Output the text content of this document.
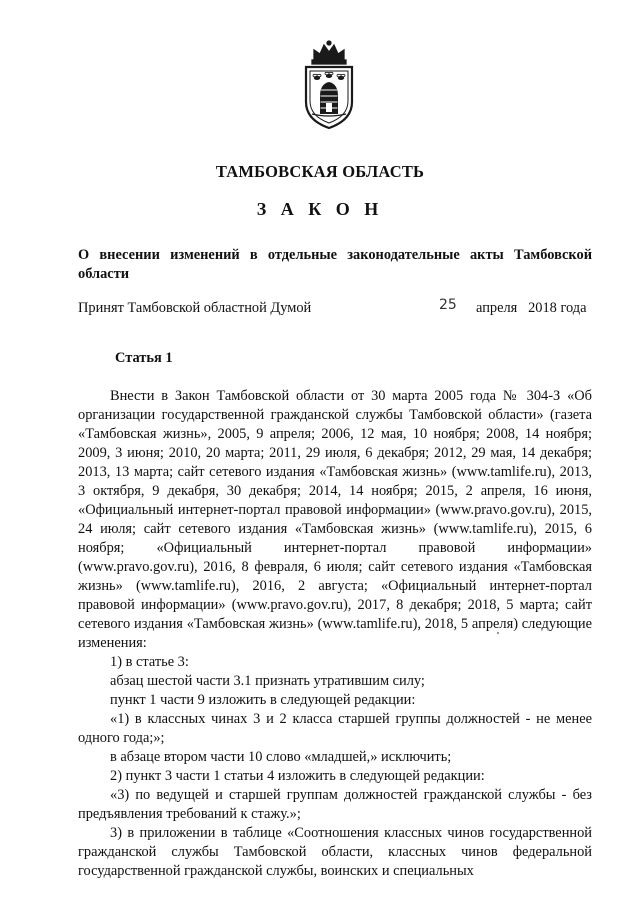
ТАМБОВСКАЯ ОБЛАСТЬ
З А К О Н
О внесении изменений в отдельные законодательные акты Тамбовской области
Принят Тамбовской областной Думой	25 апреля   2018 года
Статья 1

Внести в Закон Тамбовской области от 30 марта 2005 года № 304-З «Об организации государственной гражданской службы Тамбовской области» (газета «Тамбовская жизнь», 2005, 9 апреля; 2006, 12 мая, 10 ноября; 2008, 14 ноября; 2009, 3 июня; 2010, 20 марта; 2011, 29 июля, 6 декабря; 2012, 29 мая, 14 декабря; 2013, 13 марта; сайт сетевого издания «Тамбовская жизнь» (www.tamlife.ru), 2013, 3 октября, 9 декабря, 30 декабря; 2014, 14 ноября; 2015, 2 апреля, 16 июня, «Официальный интернет-портал правовой информации» (www.pravo.gov.ru), 2015, 24 июля; сайт сетевого издания «Тамбовская жизнь» (www.tamlife.ru), 2015, 6 ноября; «Официальный интернет-портал правовой информации» (www.pravo.gov.ru), 2016, 8 февраля, 6 июля; сайт сетевого издания «Тамбовская жизнь» (www.tamlife.ru), 2016, 2 августа; «Официальный интернет-портал правовой информации» (www.pravo.gov.ru), 2017, 8 декабря; 2018, 5 марта; сайт сетевого издания «Тамбовская жизнь» (www.tamlife.ru), 2018, 5 апреля) следующие изменения:

1) в статье 3:

абзац шестой части 3.1 признать утратившим силу;

пункт 1 части 9 изложить в следующей редакции:

«1) в классных чинах 3 и 2 класса старшей группы должностей - не менее одного года;»;

в абзаце втором части 10 слово «младшей,» исключить;

2) пункт 3 части 1 статьи 4 изложить в следующей редакции:

«3) по ведущей и старшей группам должностей гражданской службы - без предъявления требований к стажу.»;

3) в приложении в таблице «Соотношения классных чинов государственной гражданской службы Тамбовской области, классных чинов федеральной государственной гражданской службы, воинских и специальных
